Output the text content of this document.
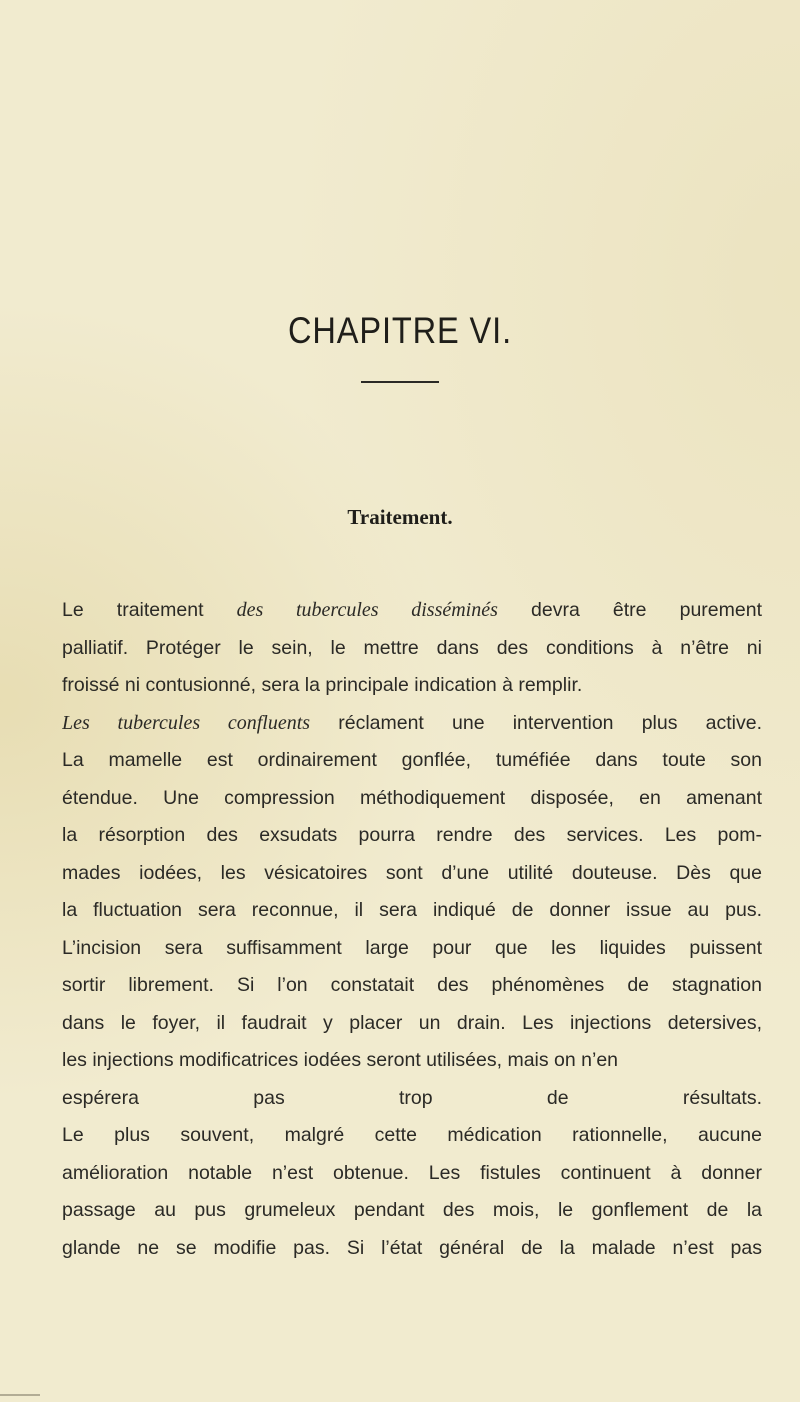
CHAPITRE VI.
Traitement.
Le traitement des tubercules disséminés devra être purement
palliatif. Protéger le sein, le mettre dans des conditions à n’être ni
froissé ni contusionné, sera la principale indication à remplir.
Les tubercules confluents réclament une intervention plus active.
La mamelle est ordinairement gonflée, tuméfiée dans toute son
étendue. Une compression méthodiquement disposée, en amenant
la résorption des exsudats pourra rendre des services. Les pom-
mades iodées, les vésicatoires sont d’une utilité douteuse. Dès que
la fluctuation sera reconnue, il sera indiqué de donner issue au pus.
L’incision sera suffisamment large pour que les liquides puissent
sortir librement. Si l’on constatait des phénomènes de stagnation
dans le foyer, il faudrait y placer un drain. Les injections detersives,
les injections modificatrices iodées seront utilisées, mais on n’en
espérera pas trop de résultats.
Le plus souvent, malgré cette médication rationnelle, aucune
amélioration notable n’est obtenue. Les fistules continuent à donner
passage au pus grumeleux pendant des mois, le gonflement de la
glande ne se modifie pas. Si l’état général de la malade n’est pas
